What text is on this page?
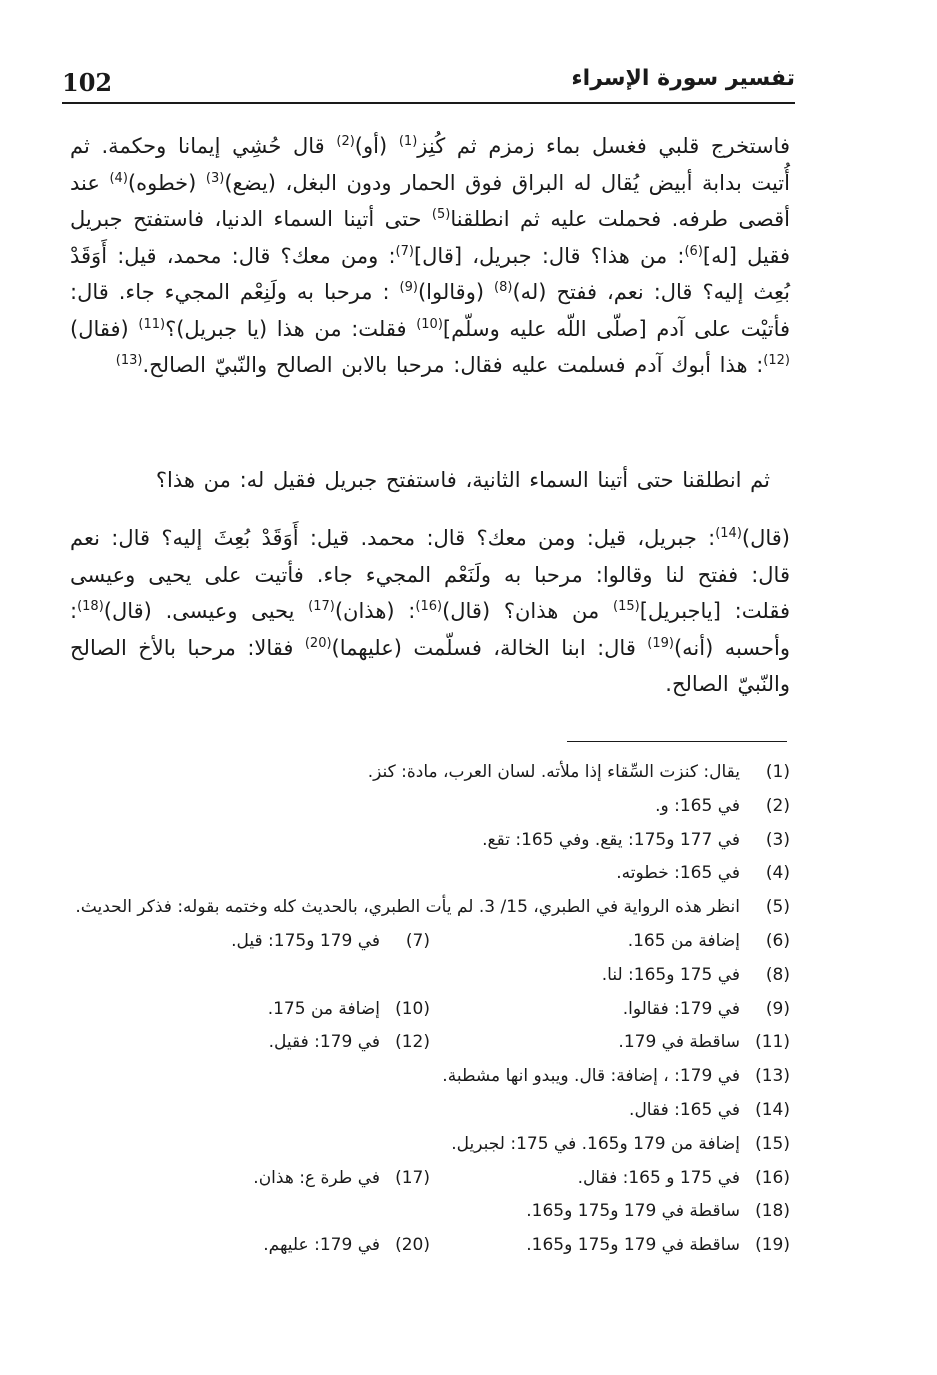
102	تفسير سورة الإسراء
فاستخرج قلبي فغسل بماء زمزم ثم كُنِز$^{(1)}$ (أو)$^{(2)}$ قال حُشِي إيمانا وحكمة. ثم أُتيت بدابة أبيض يُقال له البراق فوق الحمار ودون البغل، (يضع)$^{(3)}$ (خطوه)$^{(4)}$ عند أقصى طرفه. فحملت عليه ثم انطلقنا$^{(5)}$ حتى أتينا السماء الدنيا، فاستفتح جبريل فقيل [له]$^{(6)}$: من هذا؟ قال: جبريل، [قال]$^{(7)}$: ومن معك؟ قال: محمد، قيل: أَوَقَدْ بُعِث إليه؟ قال: نعم، ففتح (له)$^{(8)}$ (وقالوا)$^{(9)}$ : مرحبا به ولَنِعْم المجيء جاء. قال: فأتيْت على آدم [صلّى اللّه عليه وسلّم]$^{(10)}$ فقلت: من هذا (يا جبريل)؟$^{(11)}$ (فقال)$^{(12)}$: هذا أبوك آدم فسلمت عليه فقال: مرحبا بالابن الصالح والنّبيّ الصالح.$^{(13)}$
ثم انطلقنا حتى أتينا السماء الثانية، فاستفتح جبريل فقيل له: من هذا؟
(قال)$^{(14)}$: جبريل، قيل: ومن معك؟ قال: محمد. قيل: أَوَقَدْ بُعِثَ إليه؟ قال: نعم قال: ففتح لنا وقالوا: مرحبا به ولَنَعْم المجيء جاء. فأتيت على يحيى وعيسى فقلت: [ياجبريل]$^{(15)}$ من هذان؟ (قال)$^{(16)}$: (هذان)$^{(17)}$ يحيى وعيسى. (قال)$^{(18)}$: وأحسبه (أنه)$^{(19)}$ قال: ابنا الخالة، فسلّمت (عليهما)$^{(20)}$ فقالا: مرحبا بالأخ الصالح والنّبيّ الصالح.
(1)
يقال: كنزت السِّقاء إذا ملأته. لسان العرب، مادة: كنز.
(2)
في 165: و.
(3)
في 177 و175: يقع. وفي 165: تقع.
(4)
في 165: خطوته.
(5)
انظر هذه الرواية في الطبري، 15/ 3. لم يأت الطبري، بالحديث كله وختمه بقوله: فذكر الحديث.
(6)
إضافة من 165.
(7)
في 179 و175: قيل.
(8)
في 175 و165: لنا.
(9)
في 179: فقالوا.
(10)
إضافة من 175.
(11)
ساقطة في 179.
(12)
في 179: فقيل.
(13)
في 179: ، إضافة: قال. ويبدو انها مشطبة.
(14)
في 165: فقال.
(15)
إضافة من 179 و165. في 175: لجبريل.
(16)
في 175 و 165: فقال.
(17)
في طرة ع: هذان.
(18)
ساقطة في 179 و175 و165.
(19)
ساقطة في 179 و175 و165.
(20)
في 179: عليهم.
